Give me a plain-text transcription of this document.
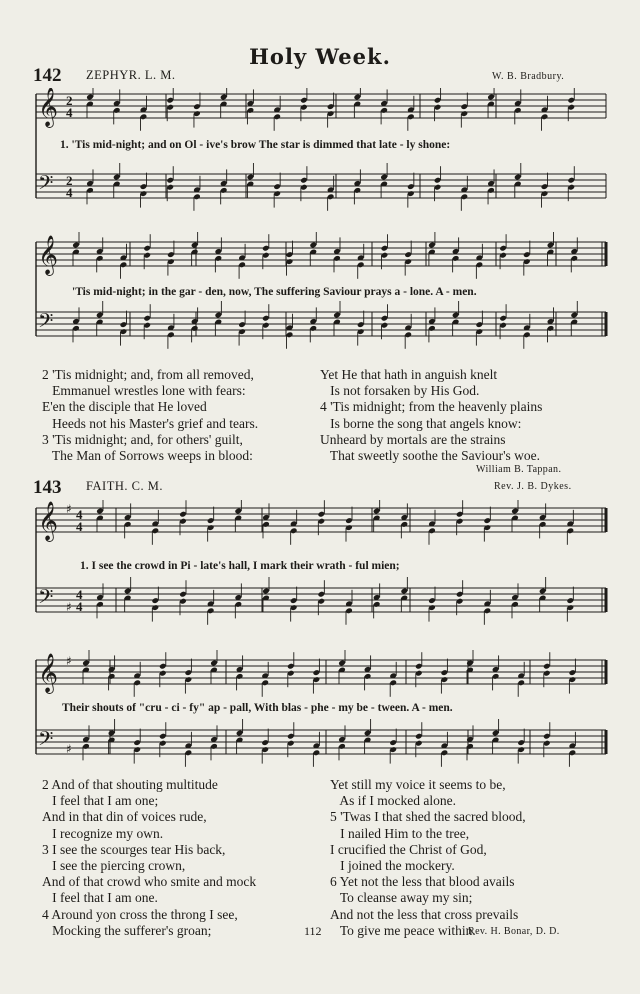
Holy Week.
142 ZEPHYR. L. M.	W. B. Bradbury.
𝄞
𝄢
2
4
2
4
1. 'Tis mid-night; and on Ol - ive's brow The star is dimmed that late - ly shone:
𝄞
𝄢
'Tis mid-night; in the gar - den, now, The suffering Saviour prays a - lone. A - men.
2 'Tis midnight; and, from all removed,
Emmanuel wrestles lone with fears:
E'en the disciple that He loved
Heeds not his Master's grief and tears.
3 'Tis midnight; and, for others' guilt,
The Man of Sorrows weeps in blood:
Yet He that hath in anguish knelt
Is not forsaken by His God.
4 'Tis midnight; from the heavenly plains
Is borne the song that angels know:
Unheard by mortals are the strains
That sweetly soothe the Saviour's woe.
William B. Tappan.
143 FAITH. C. M.	Rev. J. B. Dykes.
𝄞
𝄢
♯
♯
4
4
4
4
1. I see the crowd in Pi - late's hall, I mark their wrath - ful mien;
𝄞
𝄢
♯
♯
Their shouts of "cru - ci - fy" ap - pall, With blas - phe - my be - tween. A - men.
2 And of that shouting multitude
I feel that I am one;
And in that din of voices rude,
I recognize my own.
3 I see the scourges tear His back,
I see the piercing crown,
And of that crowd who smite and mock
I feel that I am one.
4 Around yon cross the throng I see,
Mocking the sufferer's groan;
Yet still my voice it seems to be,
As if I mocked alone.
5 'Twas I that shed the sacred blood,
I nailed Him to the tree,
I crucified the Christ of God,
I joined the mockery.
6 Yet not the less that blood avails
To cleanse away my sin;
And not the less that cross prevails
To give me peace within.
112	Rev. H. Bonar, D. D.
